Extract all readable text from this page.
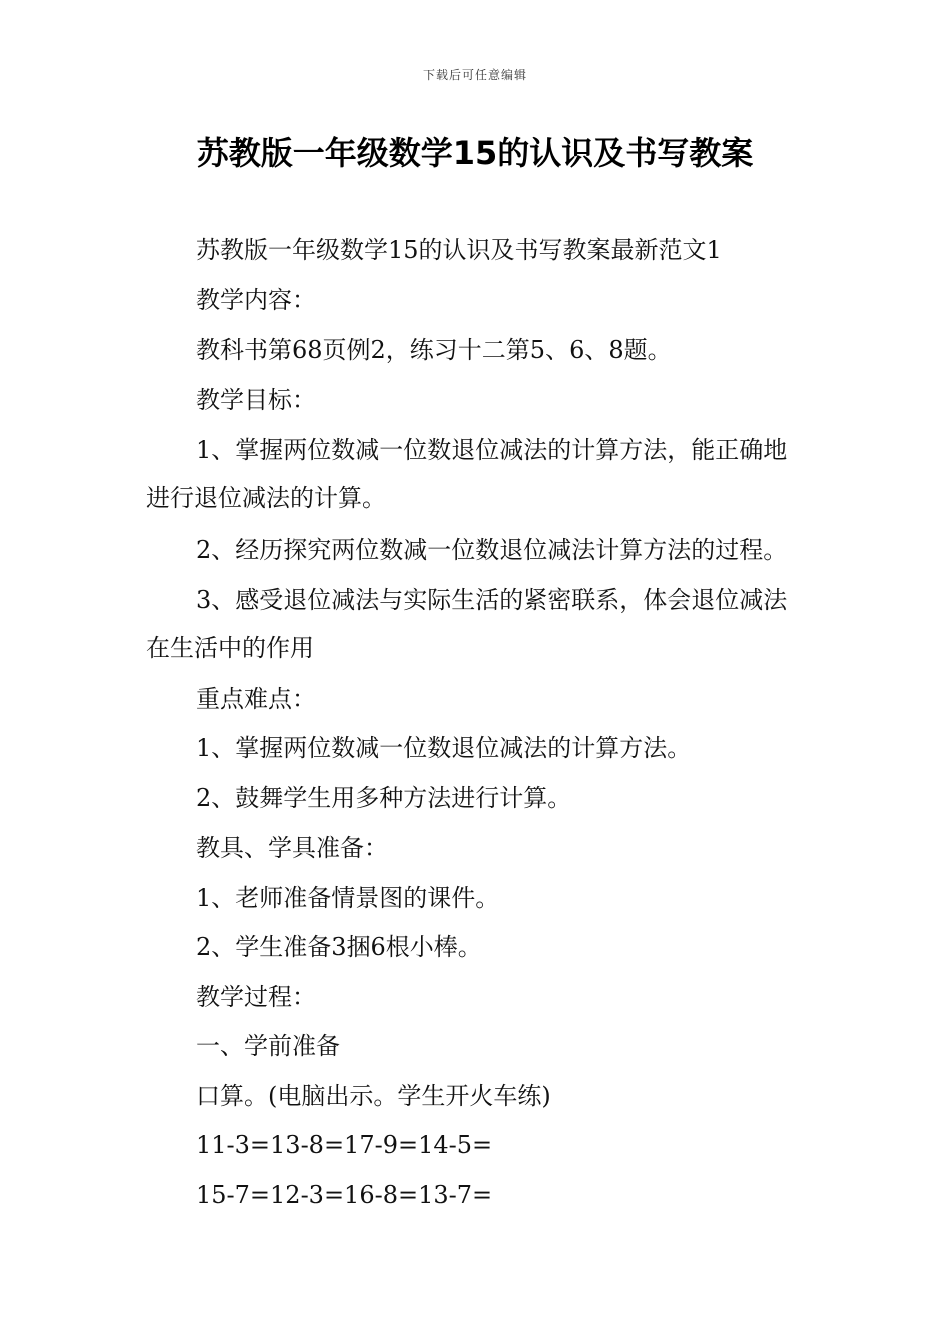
下载后可任意编辑
苏教版一年级数学15的认识及书写教案

苏教版一年级数学15的认识及书写教案最新范文1

教学内容：

教科书第68页例2，练习十二第5、6、8题。

教学目标：

1、掌握两位数减一位数退位减法的计算方法，能正确地进行退位减法的计算。

2、经历探究两位数减一位数退位减法计算方法的过程。

3、感受退位减法与实际生活的紧密联系，体会退位减法在生活中的作用

重点难点：

1、掌握两位数减一位数退位减法的计算方法。

2、鼓舞学生用多种方法进行计算。

教具、学具准备：

1、老师准备情景图的课件。

2、学生准备3捆6根小棒。

教学过程：

一、学前准备

口算。(电脑出示。学生开火车练)

11-3=13-8=17-9=14-5=

15-7=12-3=16-8=13-7=
